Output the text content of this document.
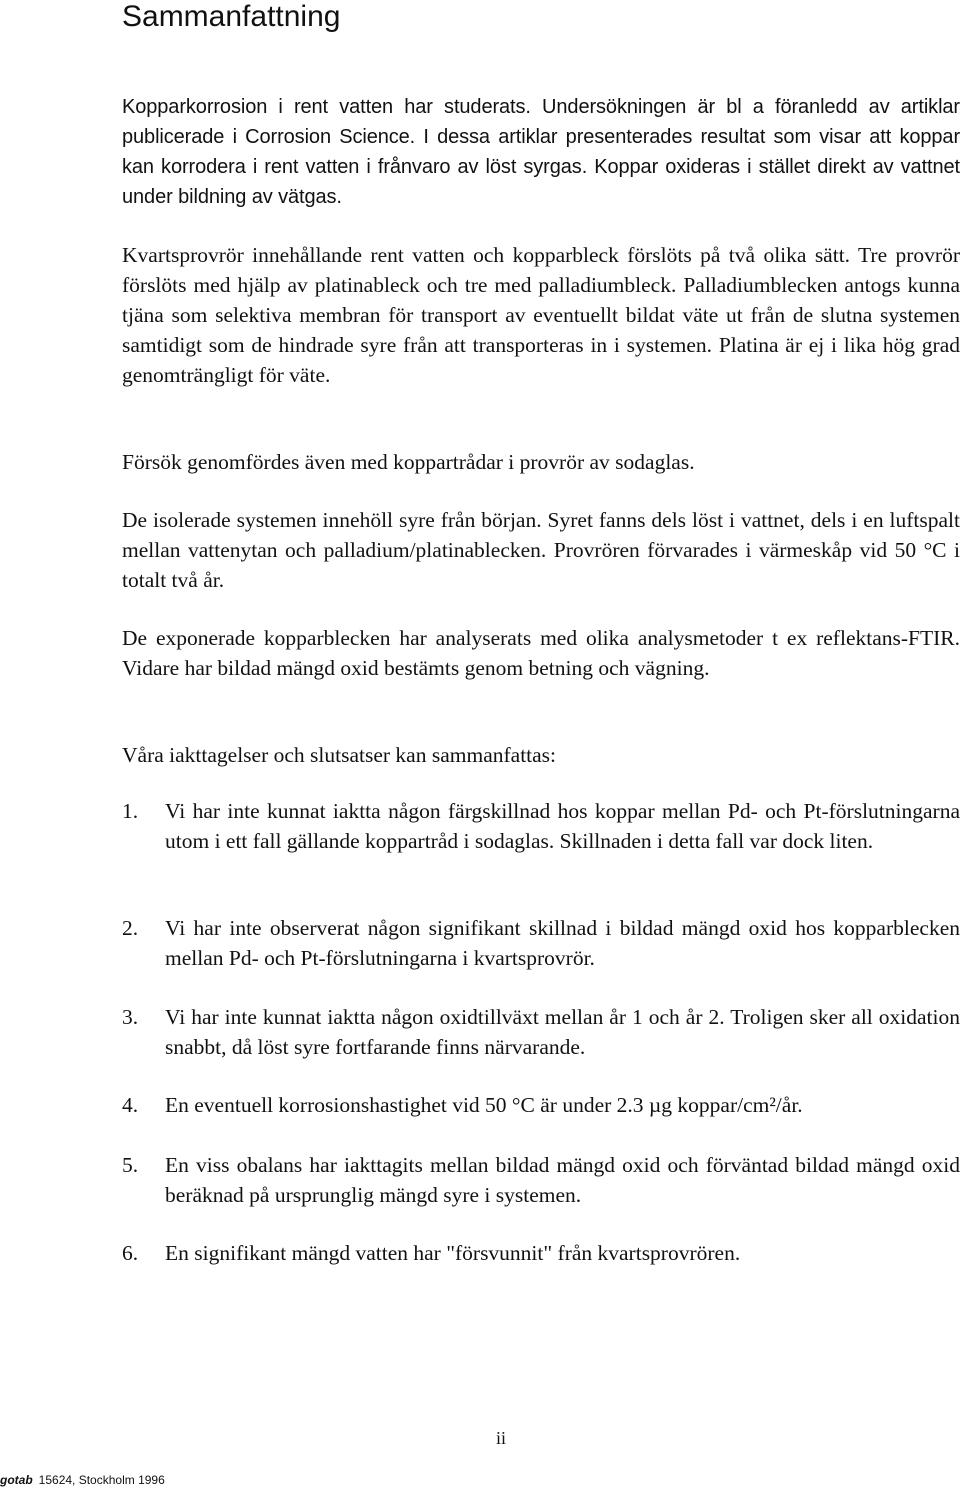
Sammanfattning

Kopparkorrosion i rent vatten har studerats. Undersökningen är bl a föranledd av artiklar publicerade i Corrosion Science. I dessa artiklar presenterades resultat som visar att koppar kan korrodera i rent vatten i frånvaro av löst syrgas. Koppar oxideras i stället direkt av vattnet under bildning av vätgas.

Kvartsprovrör innehållande rent vatten och kopparbleck förslöts på två olika sätt. Tre provrör förslöts med hjälp av platinableck och tre med palladiumbleck. Palladiumblecken antogs kunna tjäna som selektiva membran för transport av eventuellt bildat väte ut från de slutna systemen samtidigt som de hindrade syre från att transporteras in i systemen. Platina är ej i lika hög grad genomträngligt för väte.

Försök genomfördes även med koppartrådar i provrör av sodaglas.

De isolerade systemen innehöll syre från början. Syret fanns dels löst i vattnet, dels i en luftspalt mellan vattenytan och palladium/platinablecken. Provrören förvarades i värmeskåp vid 50 °C i totalt två år.

De exponerade kopparblecken har analyserats med olika analysmetoder t ex reflektans-FTIR. Vidare har bildad mängd oxid bestämts genom betning och vägning.

Våra iakttagelser och slutsatser kan sammanfattas:

1. Vi har inte kunnat iaktta någon färgskillnad hos koppar mellan Pd- och Pt-förslutningarna utom i ett fall gällande koppartråd i sodaglas. Skillnaden i detta fall var dock liten.
2. Vi har inte observerat någon signifikant skillnad i bildad mängd oxid hos kopparblecken mellan Pd- och Pt-förslutningarna i kvartsprovrör.
3. Vi har inte kunnat iaktta någon oxidtillväxt mellan år 1 och år 2. Troligen sker all oxidation snabbt, då löst syre fortfarande finns närvarande.
4. En eventuell korrosionshastighet vid 50 °C är under 2.3 µg koppar/cm²/år.
5. En viss obalans har iakttagits mellan bildad mängd oxid och förväntad bildad mängd oxid beräknad på ursprunglig mängd syre i systemen.
6. En signifikant mängd vatten har "försvunnit" från kvartsprovrören.
ii
gotab 15624, Stockholm 1996
